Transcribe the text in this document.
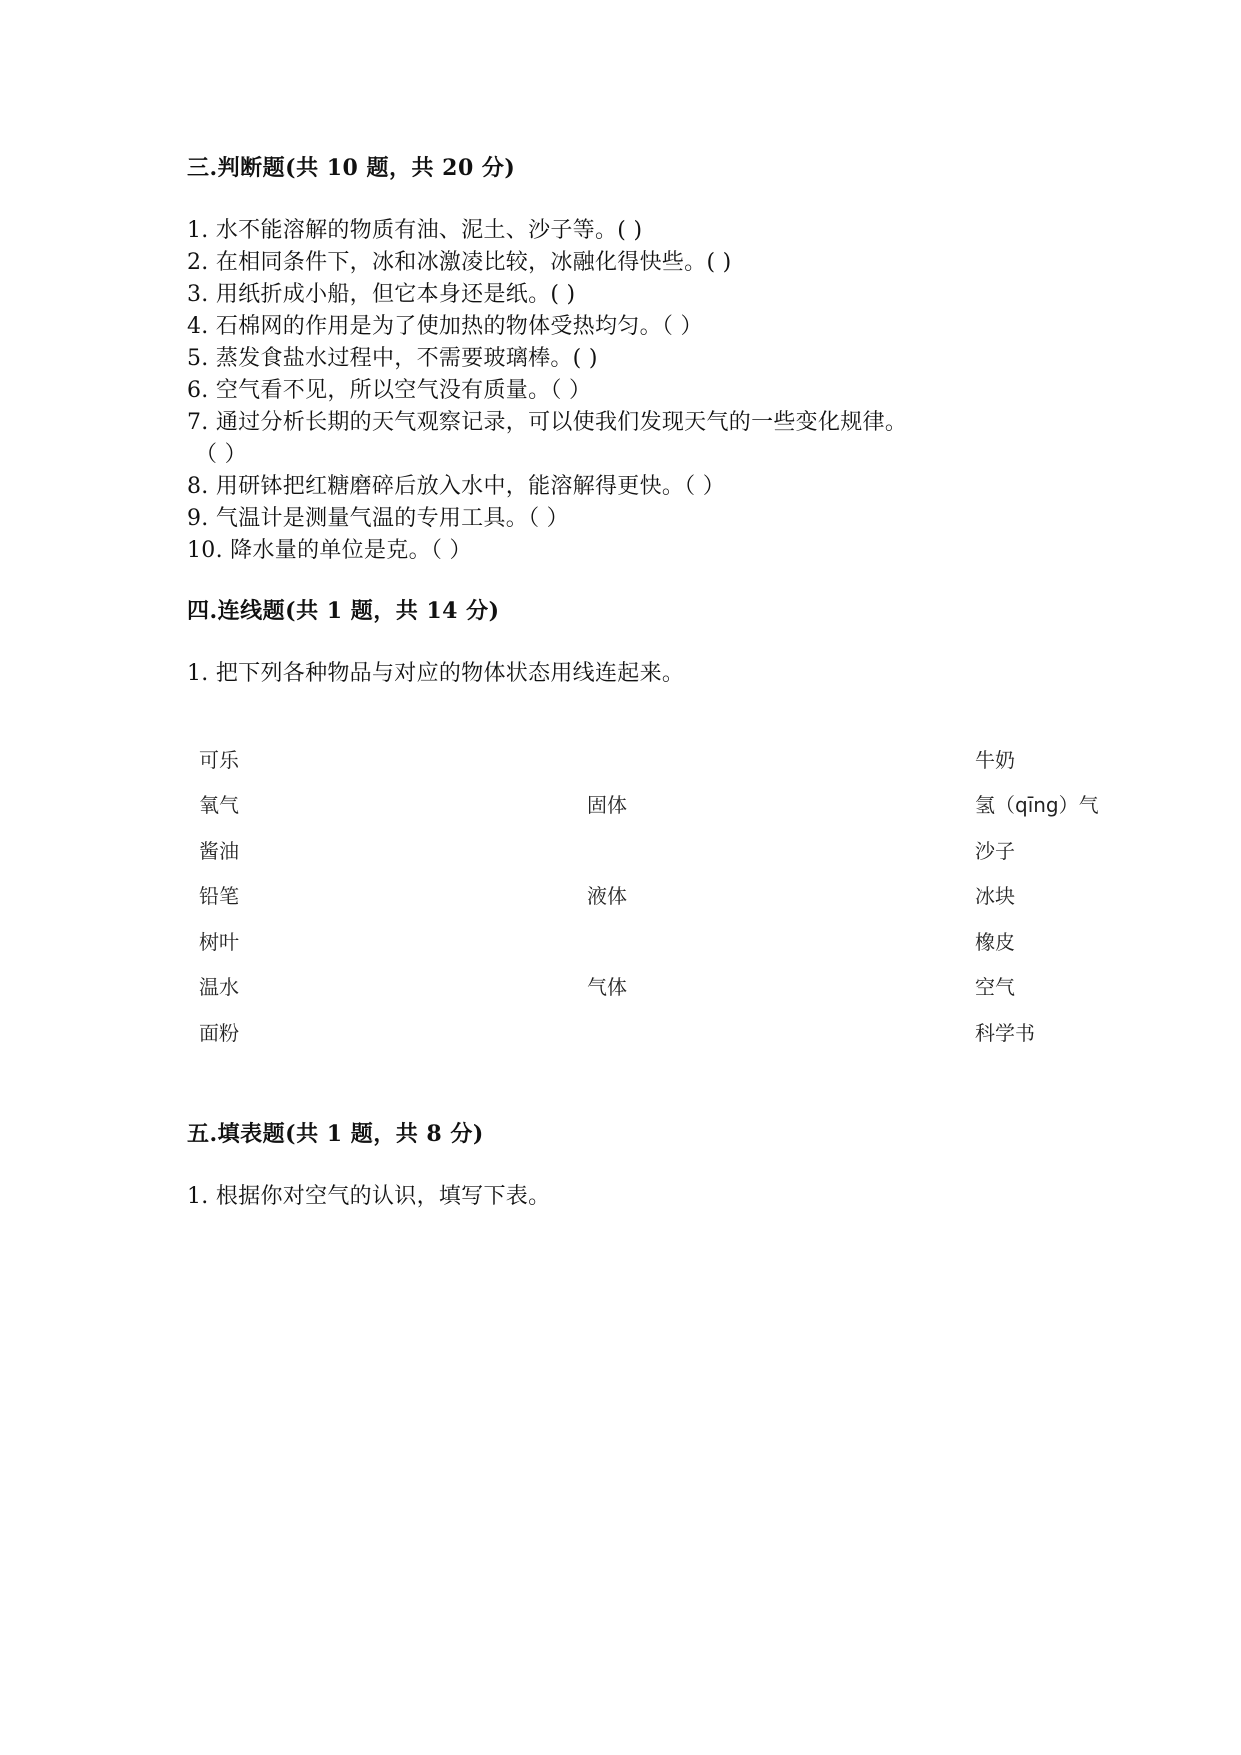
三.判断题(共 10 题，共 20 分)
1. 水不能溶解的物质有油、泥土、沙子等。( )
2. 在相同条件下，冰和冰激凌比较，冰融化得快些。( )
3. 用纸折成小船，但它本身还是纸。( )
4. 石棉网的作用是为了使加热的物体受热均匀。（ ）
5. 蒸发食盐水过程中，不需要玻璃棒。( )
6. 空气看不见，所以空气没有质量。（ ）
7. 通过分析长期的天气观察记录，可以使我们发现天气的一些变化规律。
（ ）
8. 用研钵把红糖磨碎后放入水中，能溶解得更快。（ ）
9. 气温计是测量气温的专用工具。（ ）
10. 降水量的单位是克。（ ）
四.连线题(共 1 题，共 14 分)
1. 把下列各种物品与对应的物体状态用线连起来。
可乐
氧气
酱油
铅笔
树叶
温水
面粉
固体
液体
气体
牛奶
氢（qīng）气
沙子
冰块
橡皮
空气
科学书
五.填表题(共 1 题，共 8 分)
1. 根据你对空气的认识，填写下表。
